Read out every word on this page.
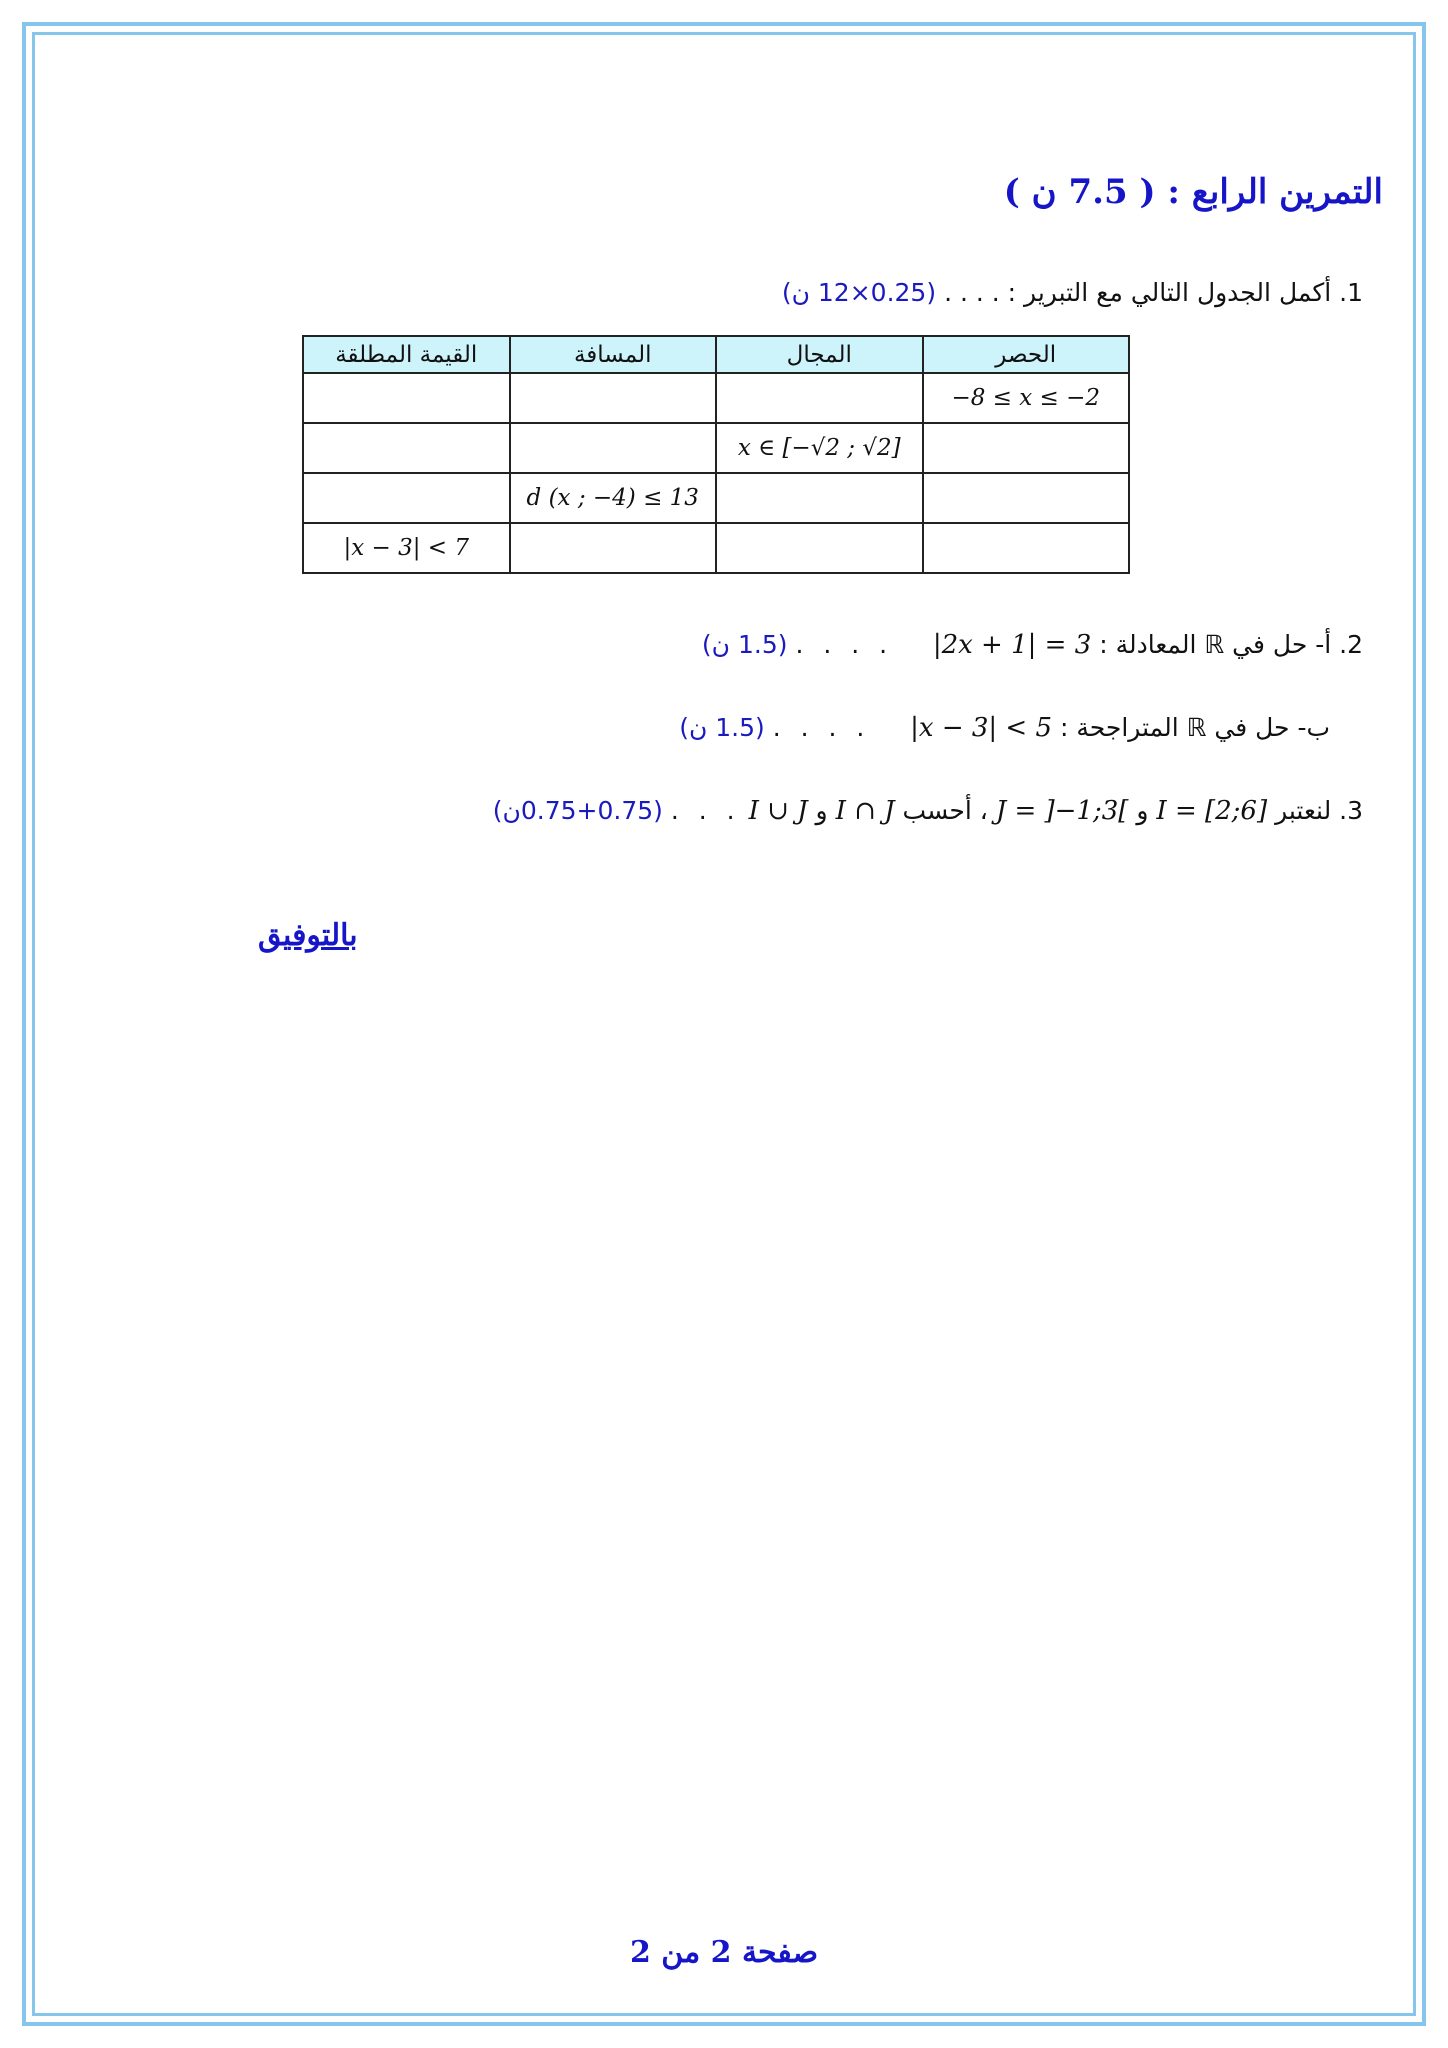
التمرين الرابع : ( 7.5 ن )
1. أكمل الجدول التالي مع التبرير : . . . . (0.25×12 ن)
الحصر	المجال	المسافة	القيمة المطلقة
−8 ≤ x ≤ −2			
	x ∈ [−√2 ; √2]		
		d (x ; −4) ≤ 13	
			|x − 3| < 7
2. أ- حل في ℝ المعادلة : |2x + 1| = 3     . . . . (1.5 ن)
ب- حل في ℝ المتراجحة : |x − 3| < 5     . . . . (1.5 ن)
3. لنعتبر I = [2;6] و J = ]−1;3[ ، أحسب I ∩ J و I ∪ J . . . (0.75+0.75ن)
بالتوفيق
صفحة 2 من 2
